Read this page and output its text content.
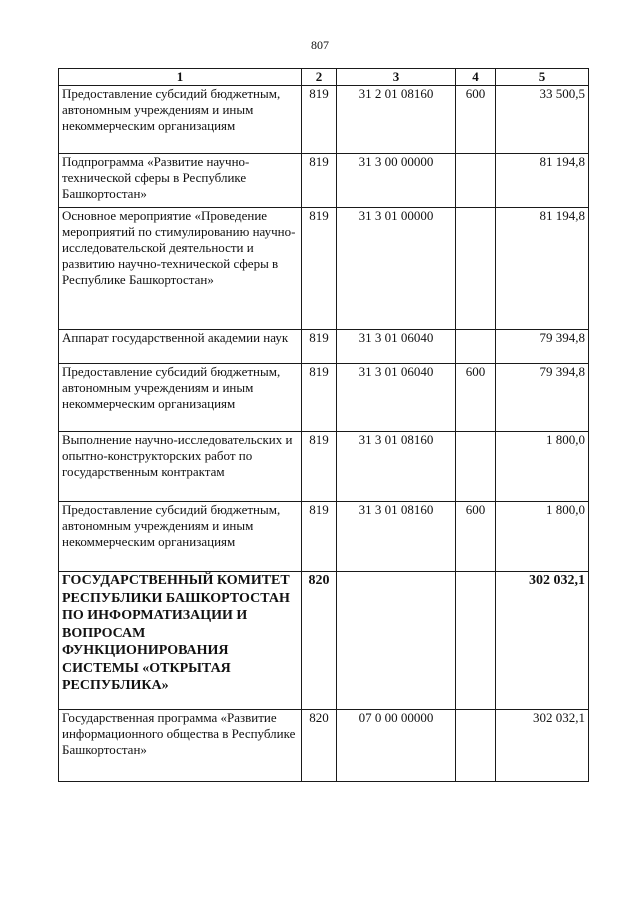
807
1	2	3	4	5
Предоставление субсидий бюджетным, автономным учреждениям и иным некоммерческим организациям	819	31 2 01 08160	600	33 500,5
Подпрограмма «Развитие научно-технической сферы в Республике Башкортостан»	819	31 3 00 00000		81 194,8
Основное мероприятие «Проведение мероприятий по стимулированию научно-исследовательской деятельности и развитию научно-технической сферы в Республике Башкортостан»	819	31 3 01 00000		81 194,8
Аппарат государственной академии наук	819	31 3 01 06040		79 394,8
Предоставление субсидий бюджетным, автономным учреждениям и иным некоммерческим организациям	819	31 3 01 06040	600	79 394,8
Выполнение научно-исследовательских и опытно-конструкторских работ по государственным контрактам	819	31 3 01 08160		1 800,0
Предоставление субсидий бюджетным, автономным учреждениям и иным некоммерческим организациям	819	31 3 01 08160	600	1 800,0
ГОСУДАРСТВЕННЫЙ КОМИТЕТ РЕСПУБЛИКИ БАШКОРТОСТАН ПО ИНФОРМАТИЗАЦИИ И ВОПРОСАМ ФУНКЦИОНИРОВАНИЯ СИСТЕМЫ «ОТКРЫТАЯ РЕСПУБЛИКА»	820			302 032,1
Государственная программа «Развитие информационного общества в Республике Башкортостан»	820	07 0 00 00000		302 032,1
